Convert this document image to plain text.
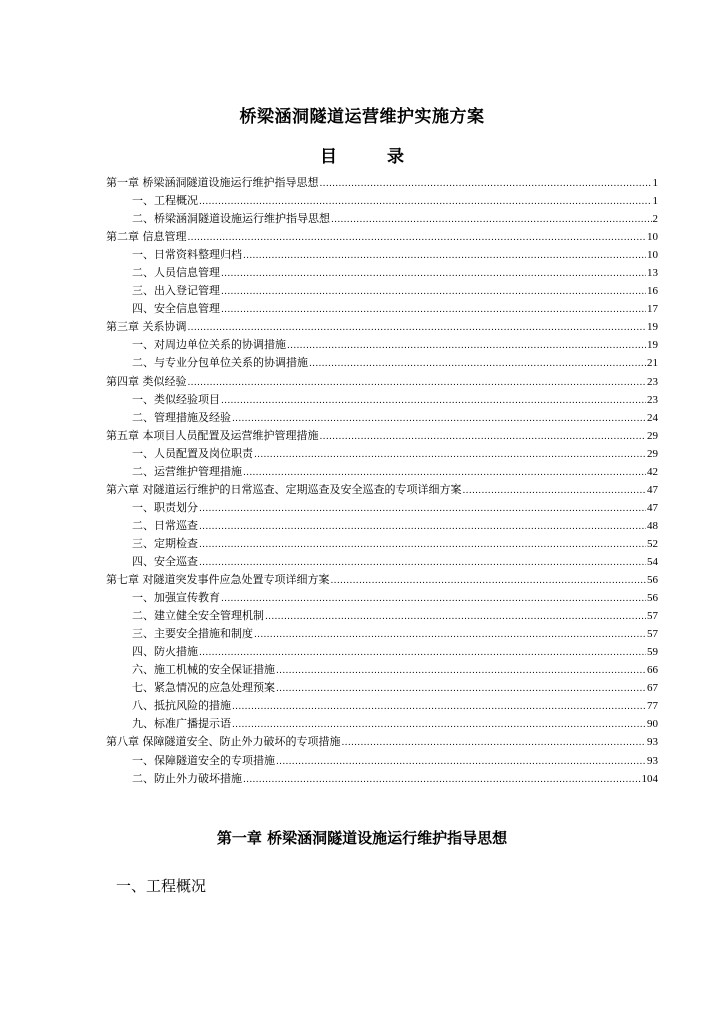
桥梁涵洞隧道运营维护实施方案
目 录
第一章 桥梁涵洞隧道设施运行维护指导思想 .....	1
一、工程概况 .....	1
二、桥梁涵洞隧道设施运行维护指导思想 .....	2
第二章 信息管理 .....	10
一、日常资料整理归档 .....	10
二、人员信息管理 .....	13
三、出入登记管理 .....	16
四、安全信息管理 .....	17
第三章 关系协调 .....	19
一、对周边单位关系的协调措施 .....	19
二、与专业分包单位关系的协调措施 .....	21
第四章 类似经验 .....	23
一、类似经验项目 .....	23
二、管理措施及经验 .....	24
第五章 本项目人员配置及运营维护管理措施 .....	29
一、人员配置及岗位职责 .....	29
二、运营维护管理措施 .....	42
第六章 对隧道运行维护的日常巡查、定期巡查及安全巡查的专项详细方案 .....	47
一、职责划分 .....	47
二、日常巡查 .....	48
三、定期检查 .....	52
四、安全巡查 .....	54
第七章 对隧道突发事件应急处置专项详细方案 .....	56
一、加强宣传教育 .....	56
二、建立健全安全管理机制 .....	57
三、主要安全措施和制度 .....	57
四、防火措施 .....	59
六、施工机械的安全保证措施 .....	66
七、紧急情况的应急处理预案 .....	67
八、抵抗风险的措施 .....	77
九、标准广播提示语 .....	90
第八章 保障隧道安全、防止外力破坏的专项措施 .....	93
一、保障隧道安全的专项措施 .....	93
二、防止外力破坏措施 .....	104
第一章 桥梁涵洞隧道设施运行维护指导思想
一、工程概况
